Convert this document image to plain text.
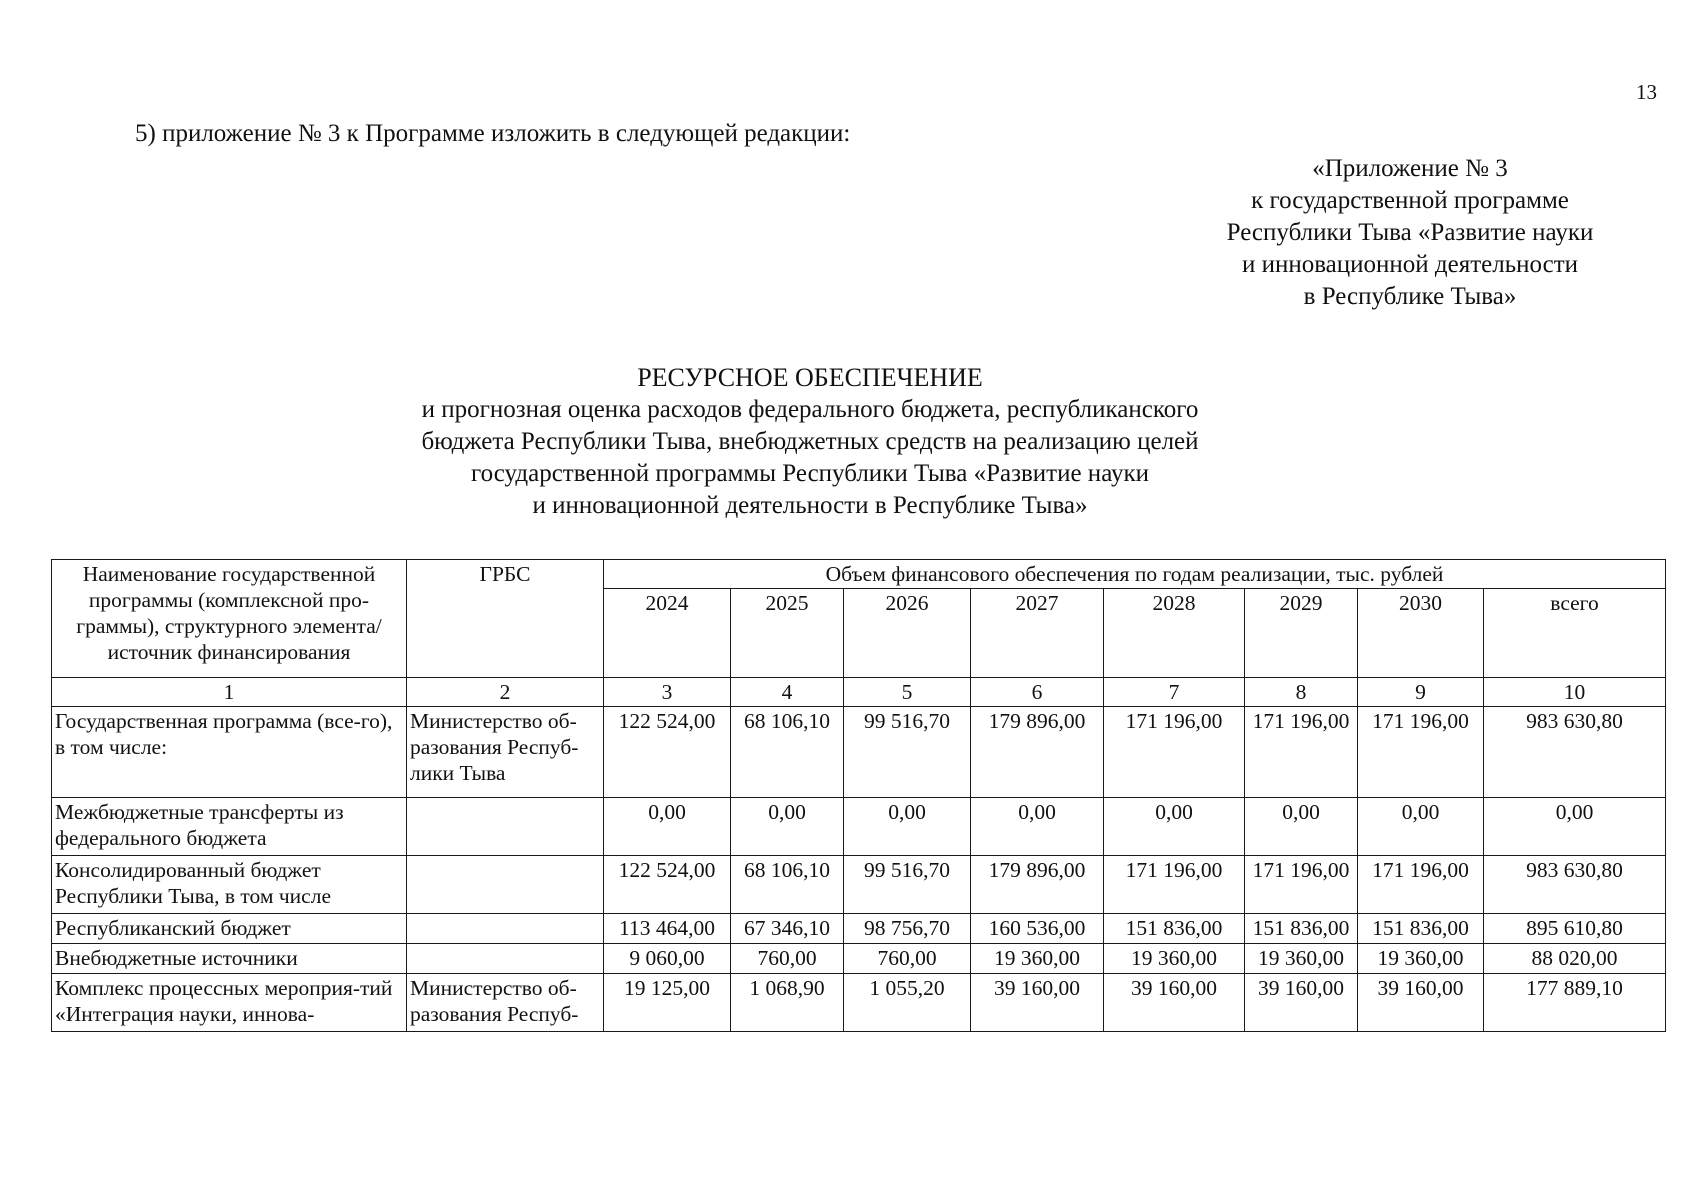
13
5) приложение № 3 к Программе изложить в следующей редакции:
«Приложение № 3
к государственной программе
Республики Тыва «Развитие науки
и инновационной деятельности
в Республике Тыва»
РЕСУРСНОЕ ОБЕСПЕЧЕНИЕ
и прогнозная оценка расходов федерального бюджета, республиканского
бюджета Республики Тыва, внебюджетных средств на реализацию целей
государственной программы Республики Тыва «Развитие науки
и инновационной деятельности в Республике Тыва»
Наименование государственной программы (комплексной про-граммы), структурного элемента/ источник финансирования	ГРБС	Объем финансового обеспечения по годам реализации, тыс. рублей							
		2024	2025	2026	2027	2028	2029	2030	всего
1	2	3	4	5	6	7	8	9	10
Государственная программа (все-го), в том числе:	Министерство об-разования Респуб-лики Тыва	122 524,00	68 106,10	99 516,70	179 896,00	171 196,00	171 196,00	171 196,00	983 630,80
Межбюджетные трансферты из федерального бюджета		0,00	0,00	0,00	0,00	0,00	0,00	0,00	0,00
Консолидированный бюджет Республики Тыва, в том числе		122 524,00	68 106,10	99 516,70	179 896,00	171 196,00	171 196,00	171 196,00	983 630,80
Республиканский бюджет		113 464,00	67 346,10	98 756,70	160 536,00	151 836,00	151 836,00	151 836,00	895 610,80
Внебюджетные источники		9 060,00	760,00	760,00	19 360,00	19 360,00	19 360,00	19 360,00	88 020,00
Комплекс процессных мероприя-тий «Интеграция науки, иннова-	Министерство об-разования Респуб-	19 125,00	1 068,90	1 055,20	39 160,00	39 160,00	39 160,00	39 160,00	177 889,10
